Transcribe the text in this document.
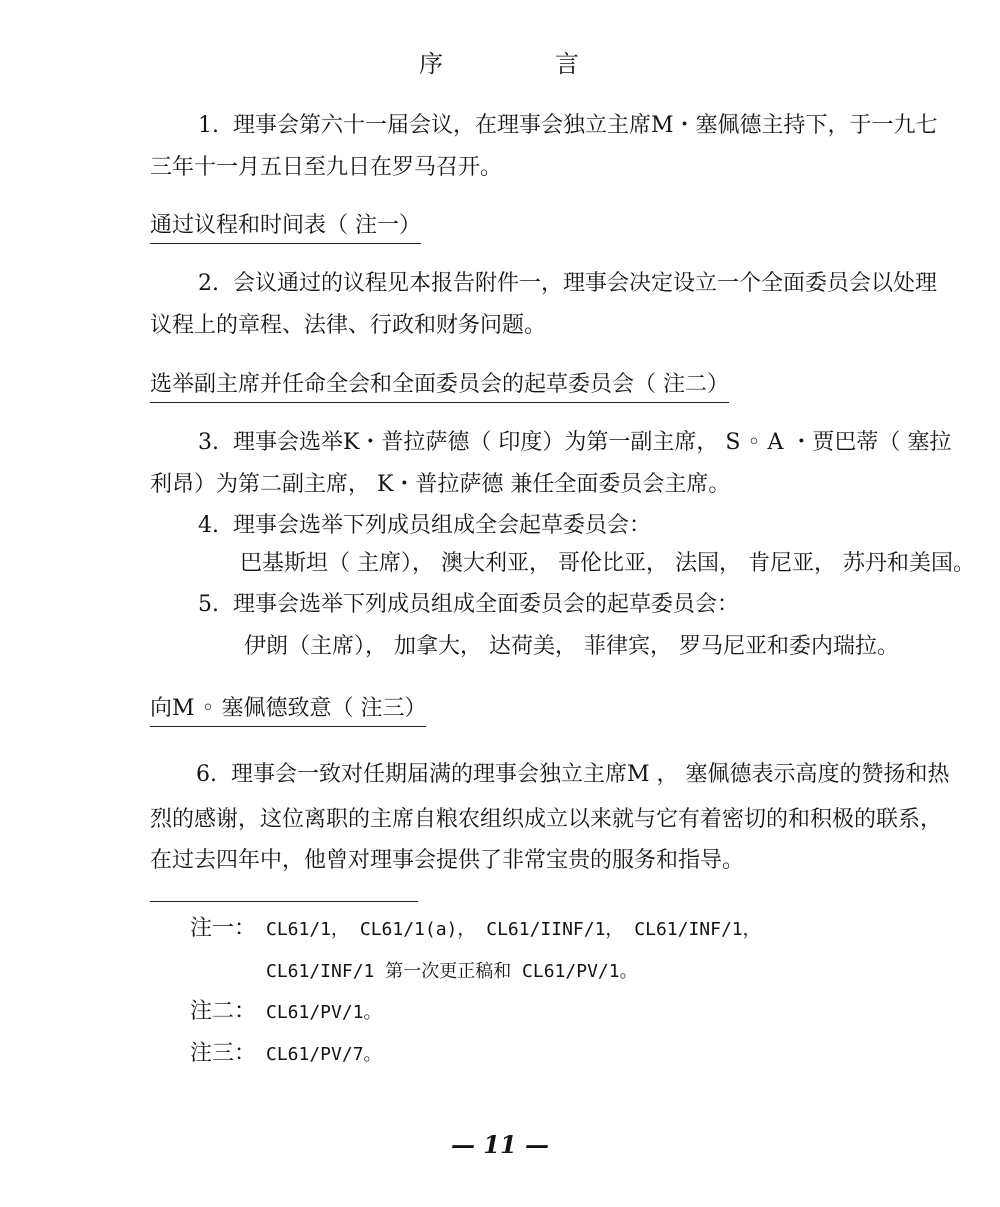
序	言
1. 理事会第六十一届会议，在理事会独立主席M・塞佩德主持下，于一九七
三年十一月五日至九日在罗马召开。
通过议程和时间表（ 注一）
2. 会议通过的议程见本报告附件一，理事会决定设立一个全面委员会以处理
议程上的章程、法律、行政和财务问题。
选举副主席并任命全会和全面委员会的起草委员会（ 注二）
3. 理事会选举K・普拉萨德（ 印度）为第一副主席， S ◦ A ・贾巴蒂（ 塞拉
利昂）为第二副主席， K・普拉萨德 兼任全面委员会主席。
4. 理事会选举下列成员组成全会起草委员会：
巴基斯坦（ 主席）， 澳大利亚， 哥伦比亚， 法国， 肯尼亚， 苏丹和美国。
5. 理事会选举下列成员组成全面委员会的起草委员会：
伊朗（主席）， 加拿大， 达荷美， 菲律宾， 罗马尼亚和委内瑞拉。
向M ◦ 塞佩德致意（ 注三）
6. 理事会一致对任期届满的理事会独立主席M ， 塞佩德表示高度的赞扬和热
烈的感谢，这位离职的主席自粮农组织成立以来就与它有着密切的和积极的联系，
在过去四年中，他曾对理事会提供了非常宝贵的服务和指导。
注一： CL61/1， CL61/1(a)， CL61/IINF/1， CL61/INF/1，
CL61/INF/1 第一次更正稿和 CL61/PV/1。
注二： CL61/PV/1。
注三： CL61/PV/7。
— 11 —
